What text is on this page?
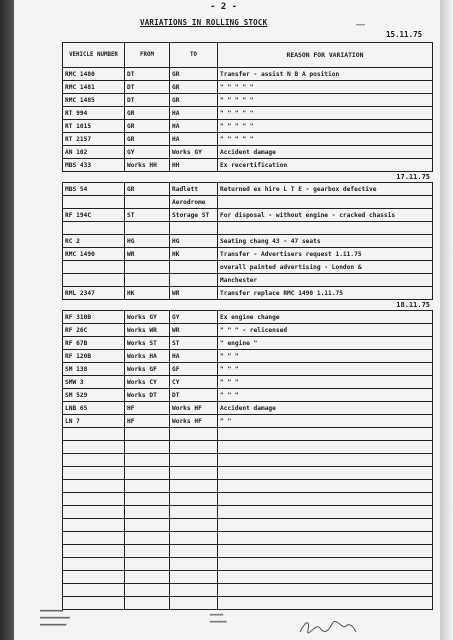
- 2 -
VARIATIONS IN ROLLING STOCK	▬▬▬
15.11.75
VEHICLE NUMBER	FROM	TO	REASON FOR VARIATION
RMC 1480	DT	GR	Transfer - assist N B A position
RMC 1481	DT	GR	" " " " "
RMC 1485	DT	GR	" " " " "
RT 994	GR	HA	" " " " "
RT 1015	GR	HA	" " " " "
RT 2157	GR	HA	" " " " "
AN 102	GY	Works GY	Accident damage
MBS 433	Works HH	HH	Ex recertification
			17.11.75
MBS 54	GR	Radlett	Returned ex hire L T E - gearbox defective
		Aerodrome	
RF 194C	ST	Storage ST	For disposal - without engine - cracked chassis

RC 2	HG	HG	Seating chang 43 - 47 seats
RMC 1490	WR	HK	Transfer - Advertisers request 1.11.75
			overall painted advertising - London &
			Manchester
RML 2347	HK	WR	Transfer replace RMC 1490 1.11.75
			18.11.75
RF 310B	Works GY	GY	Ex engine change
RF 26C	Works WR	WR	" " " - relicensed
RF 67B	Works ST	ST	" engine "
RF 120B	Works HA	HA	" " "
SM 138	Works GF	GF	" " "
SMW 3	Works CY	CY	" " "
SM 529	Works DT	DT	" " "
LNB 65	HF	Works HF	Accident damage
LN 7	HF	Works HF	" "

▬▬▬▬▬▬▬
▬▬▬▬▬▬▬▬▬
▬▬▬▬▬▬▬▬
▬▬▬▬
▬▬▬▬▬
